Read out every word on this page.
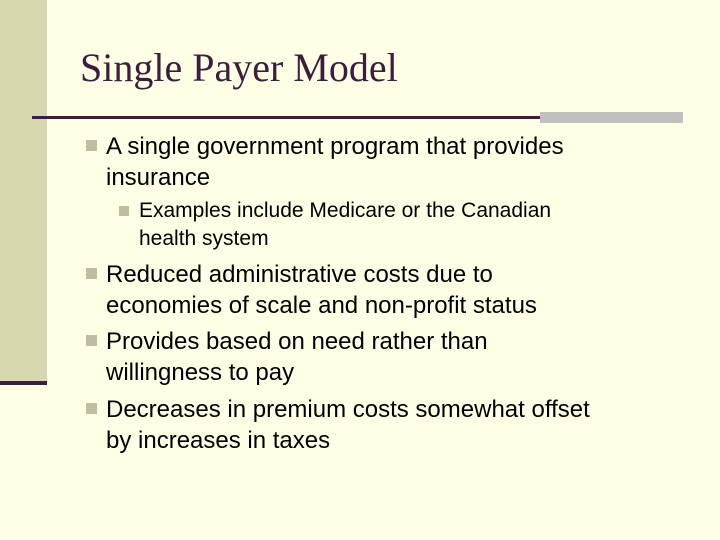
Single Payer Model
A single government program that provides
insurance
Examples include Medicare or the Canadian
health system
Reduced administrative costs due to
economies of scale and non-profit status
Provides based on need rather than
willingness to pay
Decreases in premium costs somewhat offset
by increases in taxes
